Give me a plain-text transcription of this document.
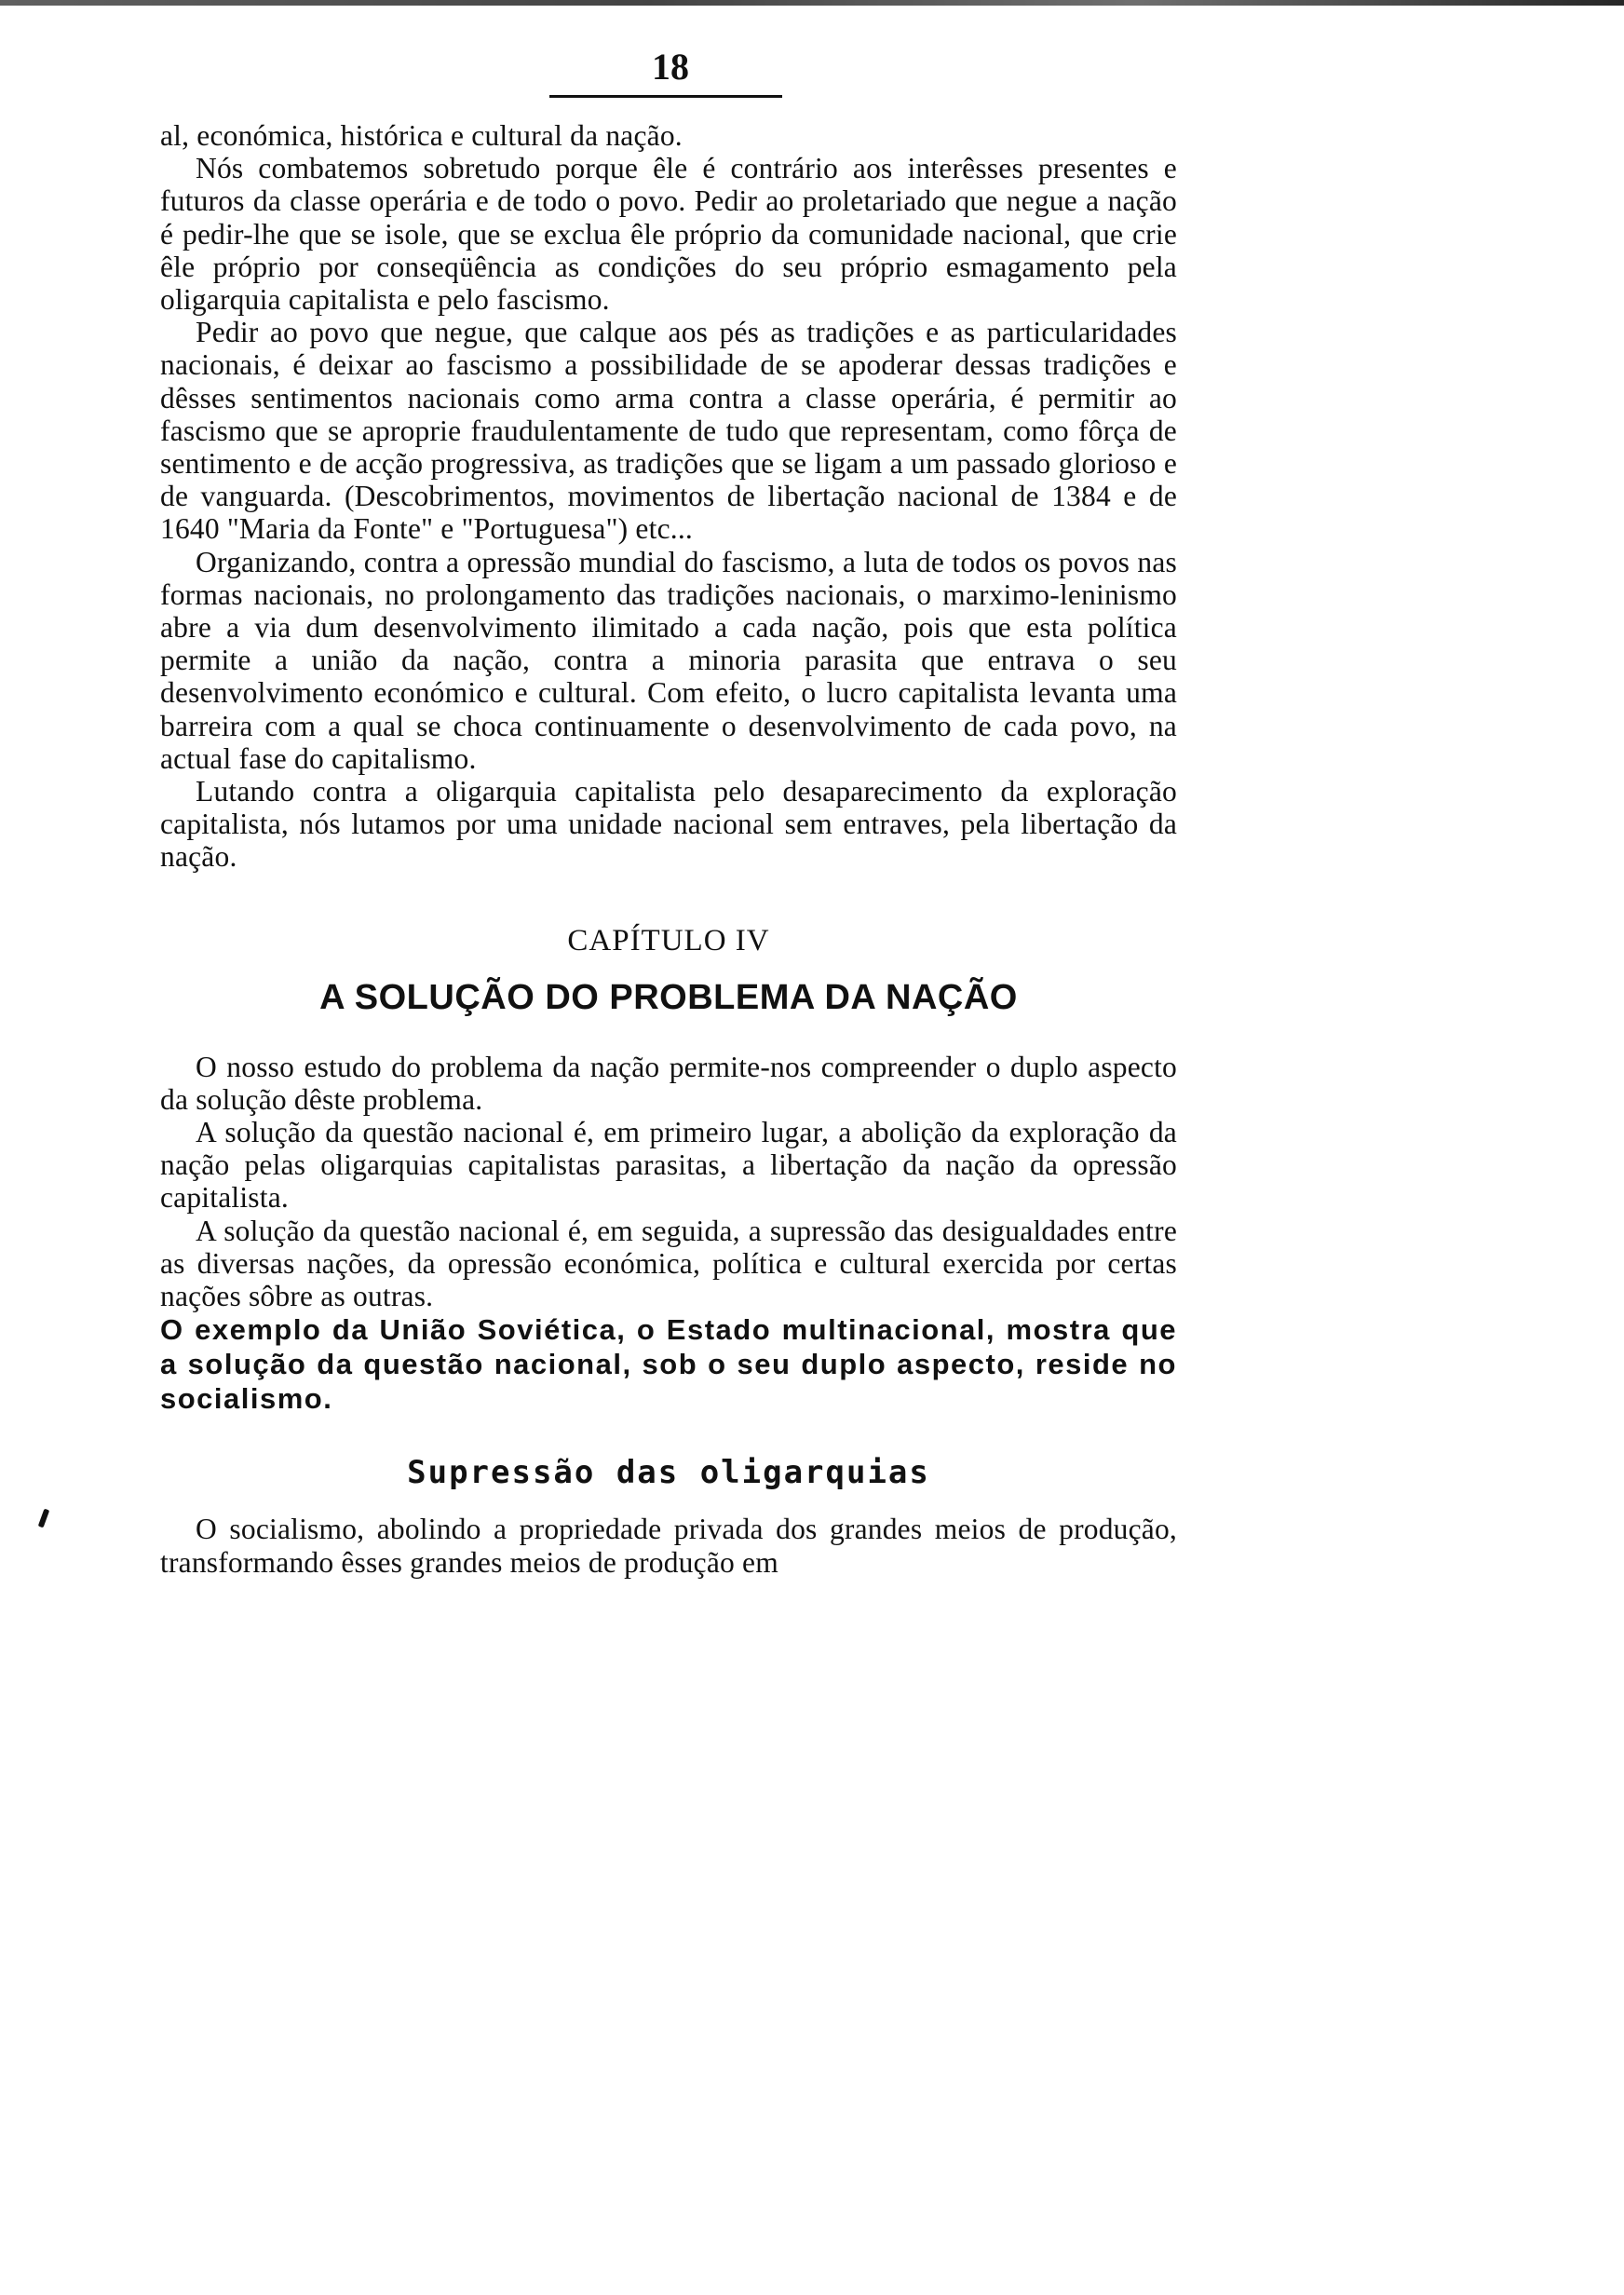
18

al, económica, histórica e cultural da nação.

Nós combatemos sobretudo porque êle é contrário aos interêsses presentes e futuros da classe operária e de todo o povo. Pedir ao proletariado que negue a nação é pedir-lhe que se isole, que se exclua êle próprio da comunidade nacional, que crie êle próprio por conseqüência as condições do seu próprio esmagamento pela oligarquia capitalista e pelo fascismo.

Pedir ao povo que negue, que calque aos pés as tradições e as particularidades nacionais, é deixar ao fascismo a possibilidade de se apoderar dessas tradições e dêsses sentimentos nacionais como arma contra a classe operária, é permitir ao fascismo que se aproprie fraudulentamente de tudo que representam, como fôrça de sentimento e de acção progressiva, as tradições que se ligam a um passado glorioso e de vanguarda. (Descobrimentos, movimentos de libertação nacional de 1384 e de 1640 "Maria da Fonte" e "Portuguesa") etc...

Organizando, contra a opressão mundial do fascismo, a luta de todos os povos nas formas nacionais, no prolongamento das tradições nacionais, o marximo-leninismo abre a via dum desenvolvimento ilimitado a cada nação, pois que esta política permite a união da nação, contra a minoria parasita que entrava o seu desenvolvimento económico e cultural. Com efeito, o lucro capitalista levanta uma barreira com a qual se choca continuamente o desenvolvimento de cada povo, na actual fase do capitalismo.

Lutando contra a oligarquia capitalista pelo desaparecimento da exploração capitalista, nós lutamos por uma unidade nacional sem entraves, pela libertação da nação.

CAPÍTULO IV
A SOLUÇÃO DO PROBLEMA DA NAÇÃO

O nosso estudo do problema da nação permite-nos compreender o duplo aspecto da solução dêste problema.

A solução da questão nacional é, em primeiro lugar, a abolição da exploração da nação pelas oligarquias capitalistas parasitas, a libertação da nação da opressão capitalista.

A solução da questão nacional é, em seguida, a supressão das desigualdades entre as diversas nações, da opressão económica, política e cultural exercida por certas nações sôbre as outras.

O exemplo da União Soviética, o Estado multinacional, mostra que a solução da questão nacional, sob o seu duplo aspecto, reside no socialismo.

Supressão das oligarquias

O socialismo, abolindo a propriedade privada dos grandes meios de produção, transformando êsses grandes meios de produção em
